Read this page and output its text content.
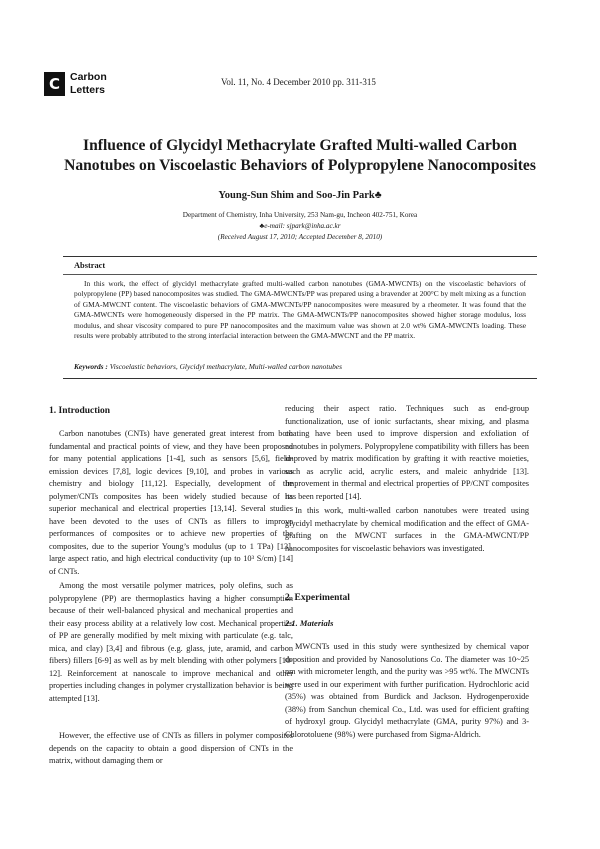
C Carbon
Letters
Vol. 11, No. 4 December 2010 pp. 311-315
Influence of Glycidyl Methacrylate Grafted Multi-walled Carbon
Nanotubes on Viscoelastic Behaviors of Polypropylene Nanocomposites
Young-Sun Shim and Soo-Jin Park♣
Department of Chemistry, Inha University, 253 Nam-gu, Incheon 402-751, Korea
♣e-mail: sjpark@inha.ac.kr
(Received August 17, 2010; Accepted December 8, 2010)
Abstract

In this work, the effect of glycidyl methacrylate grafted multi-walled carbon nanotubes (GMA-MWCNTs) on the viscoelastic behaviors of polypropylene (PP) based nanocomposites was studied. The GMA-MWCNTs/PP was prepared using a bravender at 200°C by melt mixing as a function of GMA-MWCNT content. The viscoelastic behaviors of GMA-MWCNTs/PP nanocomposites were measured by a rheometer. It was found that the GMA-MWCNTs were homogeneously dispersed in the PP matrix. The GMA-MWCNTs/PP nanocomposites showed higher storage modulus, loss modulus, and shear viscosity compared to pure PP nanocomposites and the maximum value was shown at 2.0 wt% GMA-MWCNTs loading. These results were probably attributed to the strong interfacial interaction between the GMA-MWCNT and the PP matrix.

Keywords : Viscoelastic behaviors, Glycidyl methacrylate, Multi-walled carbon nanotubes
1. Introduction

Carbon nanotubes (CNTs) have generated great interest from both fundamental and practical points of view, and they have been proposed for many potential applications [1-4], such as sensors [5,6], field-emission devices [7,8], logic devices [9,10], and probes in various chemistry and biology [11,12]. Especially, development of the polymer/CNTs composites has been widely studied because of its superior mechanical and electrical properties [13,14]. Several studies have been devoted to the uses of CNTs as fillers to improve performances of composites or to achieve new properties of the composites, due to the superior Young’s modulus (up to 1 TPa) [13], large aspect ratio, and high electrical conductivity (up to 10³ S/cm) [14] of CNTs.

Among the most versatile polymer matrices, poly olefins, such as polypropylene (PP) are thermoplastics having a higher consumption because of their well-balanced physical and mechanical properties and their easy process ability at a relatively low cost. Mechanical properties of PP are generally modified by melt mixing with particulate (e.g. talc, mica, and clay) [3,4] and fibrous (e.g. glass, jute, aramid, and carbon fibers) fillers [6-9] as well as by melt blending with other polymers [10-12]. Reinforcement at nanoscale to improve mechanical and other properties including changes in polymer crystallization behavior is being attempted [13].

However, the effective use of CNTs as fillers in polymer composites depends on the capacity to obtain a good dispersion of CNTs in the matrix, without damaging them or

reducing their aspect ratio. Techniques such as end-group functionalization, use of ionic surfactants, shear mixing, and plasma coating have been used to improve dispersion and exfoliation of nanotubes in polymers. Polypropylene compatibility with fillers has been improved by matrix modification by grafting it with reactive moieties, such as acrylic acid, acrylic esters, and maleic anhydride [13]. Improvement in thermal and electrical properties of PP/CNT composites has been reported [14].

In this work, multi-walled carbon nanotubes were treated using glycidyl methacrylate by chemical modification and the effect of GMA-grafting on the MWCNT surfaces in the GMA-MWCNT/PP nanocomposites for viscoelastic behaviors was investigated.

2. Experimental
2.1. Materials

MWCNTs used in this study were synthesized by chemical vapor deposition and provided by Nanosolutions Co. The diameter was 10~25 nm with micrometer length, and the purity was >95 wt%. The MWCNTs were used in our experiment with further purification. Hydrochloric acid (35%) was obtained from Burdick and Jackson. Hydrogenperoxide (38%) from Sanchun chemical Co., Ltd. was used for efficient grafting of hydroxyl group. Glycidyl methacrylate (GMA, purity 97%) and 3-Chlorotoluene (98%) were purchased from Sigma-Aldrich.
